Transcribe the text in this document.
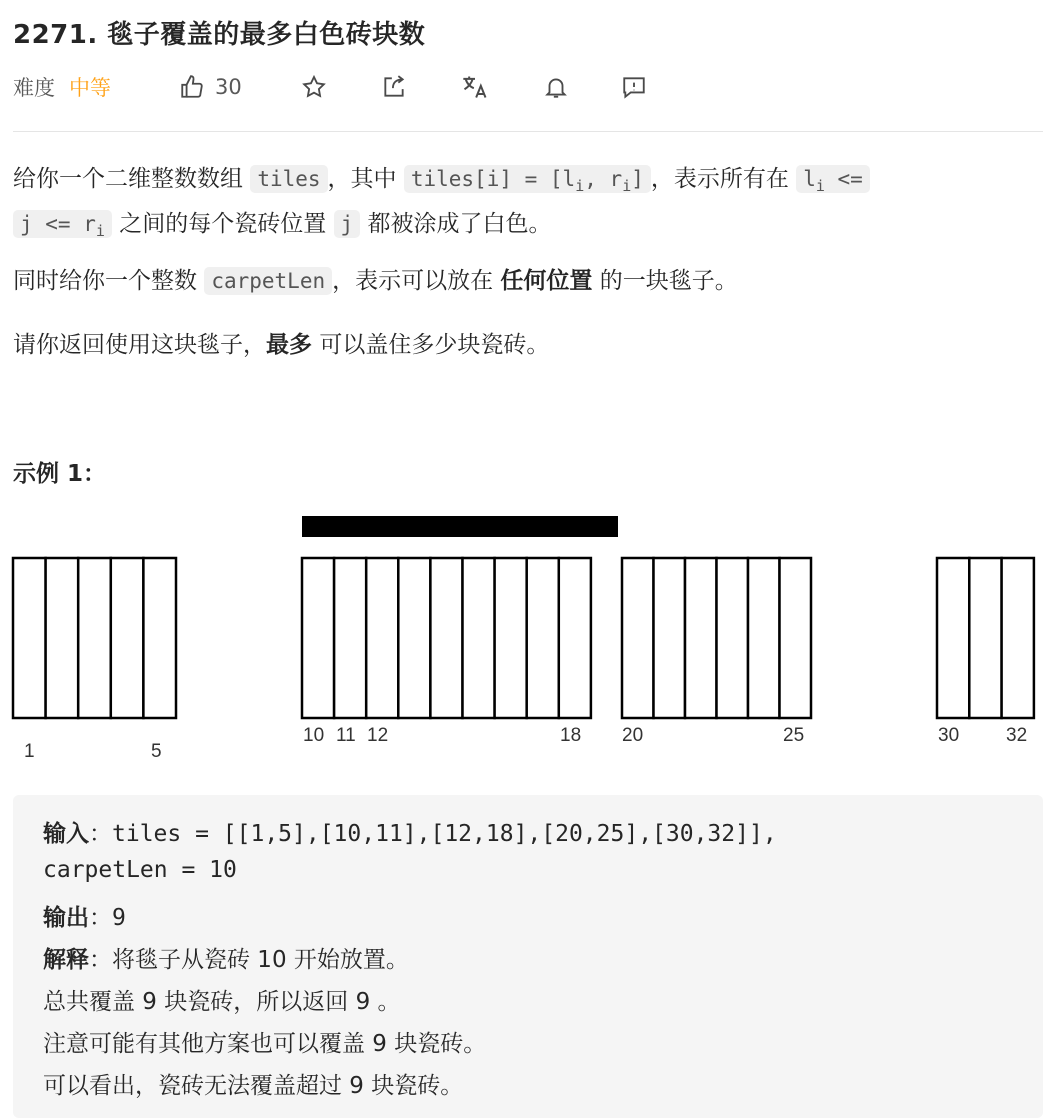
2271. 毯子覆盖的最多白色砖块数
难度 中等	30
给你一个二维整数数组 tiles ，其中 tiles[i] = [$l_i$, $r_i$] ，表示所有在 $l_i$ <=
$j <= r_i$ 之间的每个瓷砖位置 j 都被涂成了白色。
同时给你一个整数 carpetLen ，表示可以放在 任何位置 的一块毯子。
请你返回使用这块毯子，最多 可以盖住多少块瓷砖。
示例 1：
1	5
10 11 12	18 20	25	30 32
输入：tiles = [[1,5],[10,11],[12,18],[20,25],[30,32]],
carpetLen = 10
输出：9
解释：将毯子从瓷砖 10 开始放置。
总共覆盖 9 块瓷砖，所以返回 9 。
注意可能有其他方案也可以覆盖 9 块瓷砖。
可以看出，瓷砖无法覆盖超过 9 块瓷砖。
